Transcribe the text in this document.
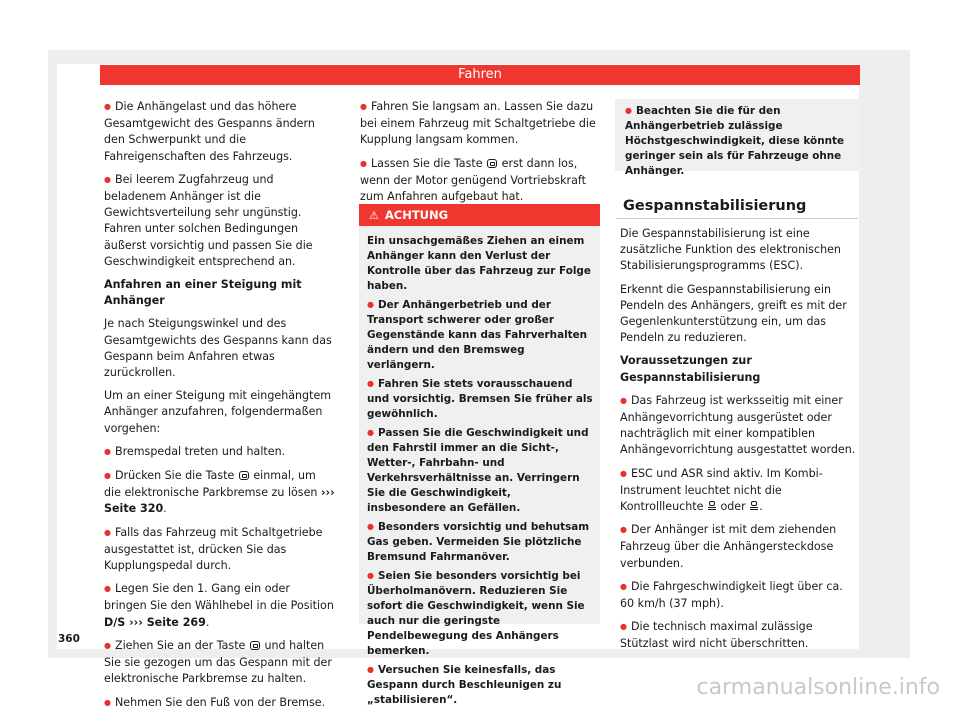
Fahren

● Die Anhängelast und das höhere Gesamtgewicht des Gespanns ändern den Schwerpunkt und die Fahreigenschaften des Fahrzeugs.

● Bei leerem Zugfahrzeug und beladenem Anhänger ist die Gewichtsverteilung sehr ungünstig. Fahren unter solchen Bedingungen äußerst vorsichtig und passen Sie die Geschwindigkeit entsprechend an.

Anfahren an einer Steigung mit Anhänger

Je nach Steigungswinkel und des Gesamtgewichts des Gespanns kann das Gespann beim Anfahren etwas zurückrollen.

Um an einer Steigung mit eingehängtem Anhänger anzufahren, folgendermaßen vorgehen:

● Bremspedal treten und halten.

● Drücken Sie die Taste einmal, um die elektronische Parkbremse zu lösen ››› Seite 320.

● Falls das Fahrzeug mit Schaltgetriebe ausgestattet ist, drücken Sie das Kupplungspedal durch.

● Legen Sie den 1. Gang ein oder bringen Sie den Wählhebel in die Position D/S ››› Seite 269.

● Ziehen Sie an der Taste und halten Sie sie gezogen um das Gespann mit der elektronische Parkbremse zu halten.

● Nehmen Sie den Fuß von der Bremse.

● Fahren Sie langsam an. Lassen Sie dazu bei einem Fahrzeug mit Schaltgetriebe die Kupplung langsam kommen.

● Lassen Sie die Taste erst dann los, wenn der Motor genügend Vortriebskraft zum Anfahren aufgebaut hat.

⚠ ACHTUNG

Ein unsachgemäßes Ziehen an einem Anhänger kann den Verlust der Kontrolle über das Fahrzeug zur Folge haben.

● Der Anhängerbetrieb und der Transport schwerer oder großer Gegenstände kann das Fahrverhalten ändern und den Bremsweg verlängern.

● Fahren Sie stets vorausschauend und vorsichtig. Bremsen Sie früher als gewöhnlich.

● Passen Sie die Geschwindigkeit und den Fahrstil immer an die Sicht-, Wetter-, Fahrbahn- und Verkehrsverhältnisse an. Verringern Sie die Geschwindigkeit, insbesondere an Gefällen.

● Besonders vorsichtig und behutsam Gas geben. Vermeiden Sie plötzliche Bremsund Fahrmanöver.

● Seien Sie besonders vorsichtig bei Überholmanövern. Reduzieren Sie sofort die Geschwindigkeit, wenn Sie auch nur die geringste Pendelbewegung des Anhängers bemerken.

● Versuchen Sie keinesfalls, das Gespann durch Beschleunigen zu „stabilisieren“.

● Beachten Sie die für den Anhängerbetrieb zulässige Höchstgeschwindigkeit, diese könnte geringer sein als für Fahrzeuge ohne Anhänger.
Gespannstabilisierung

Die Gespannstabilisierung ist eine zusätzliche Funktion des elektronischen Stabilisierungsprogramms (ESC).

Erkennt die Gespannstabilisierung ein Pendeln des Anhängers, greift es mit der Gegenlenkunterstützung ein, um das Pendeln zu reduzieren.

Voraussetzungen zur Gespannstabilisierung

● Das Fahrzeug ist werksseitig mit einer Anhängevorrichtung ausgerüstet oder nachträglich mit einer kompatiblen Anhängevorrichtung ausgestattet worden.

● ESC und ASR sind aktiv. Im Kombi-Instrument leuchtet nicht die Kontrollleuchte oder .

● Der Anhänger ist mit dem ziehenden Fahrzeug über die Anhängersteckdose verbunden.

● Die Fahrgeschwindigkeit liegt über ca. 60 km/h (37 mph).

● Die technisch maximal zulässige Stützlast wird nicht überschritten.

360
carmanualsonline.info
